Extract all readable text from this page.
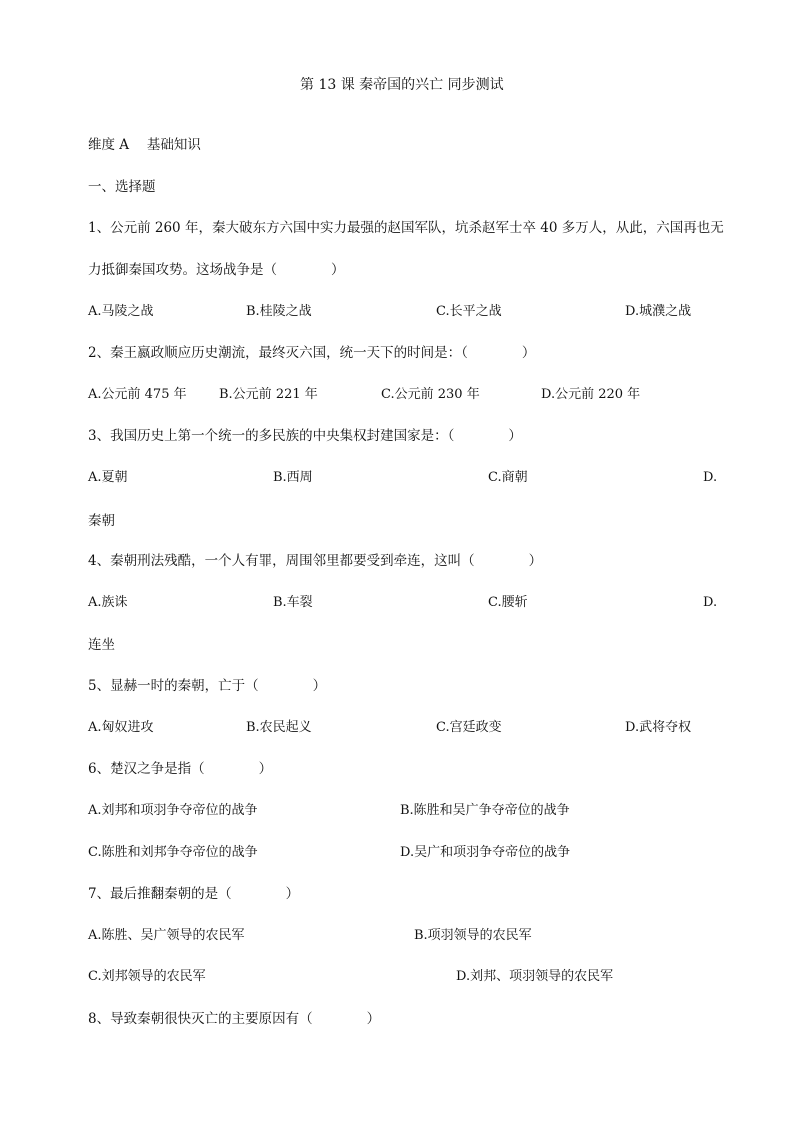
第 13 课 秦帝国的兴亡 同步测试
维度 A　 基础知识
一、选择题
1、公元前 260 年，秦大破东方六国中实力最强的赵国军队，坑杀赵军士卒 40 多万人，从此，六国再也无
力抵御秦国攻势。这场战争是（　　　　）
A.马陵之战	B.桂陵之战	C.长平之战	D.城濮之战
2、秦王嬴政顺应历史潮流，最终灭六国，统一天下的时间是：（　　　　）
A.公元前 475 年 B.公元前 221 年	C.公元前 230 年	D.公元前 220 年
3、我国历史上第一个统一的多民族的中央集权封建国家是：（　　　　）
A.夏朝	B.西周	C.商朝	D.
秦朝
4、秦朝刑法残酷，一个人有罪，周围邻里都要受到牵连，这叫（　　　　）
A.族诛	B.车裂	C.腰斩	D.
连坐
5、显赫一时的秦朝，亡于（　　　　）
A.匈奴进攻	B.农民起义	C.宫廷政变	D.武将夺权
6、楚汉之争是指（　　　　）
A.刘邦和项羽争夺帝位的战争	B.陈胜和吴广争夺帝位的战争
C.陈胜和刘邦争夺帝位的战争	D.吴广和项羽争夺帝位的战争
7、最后推翻秦朝的是（　　　　）
A.陈胜、吴广领导的农民军	B.项羽领导的农民军
C.刘邦领导的农民军	D.刘邦、项羽领导的农民军
8、导致秦朝很快灭亡的主要原因有（　　　　）
